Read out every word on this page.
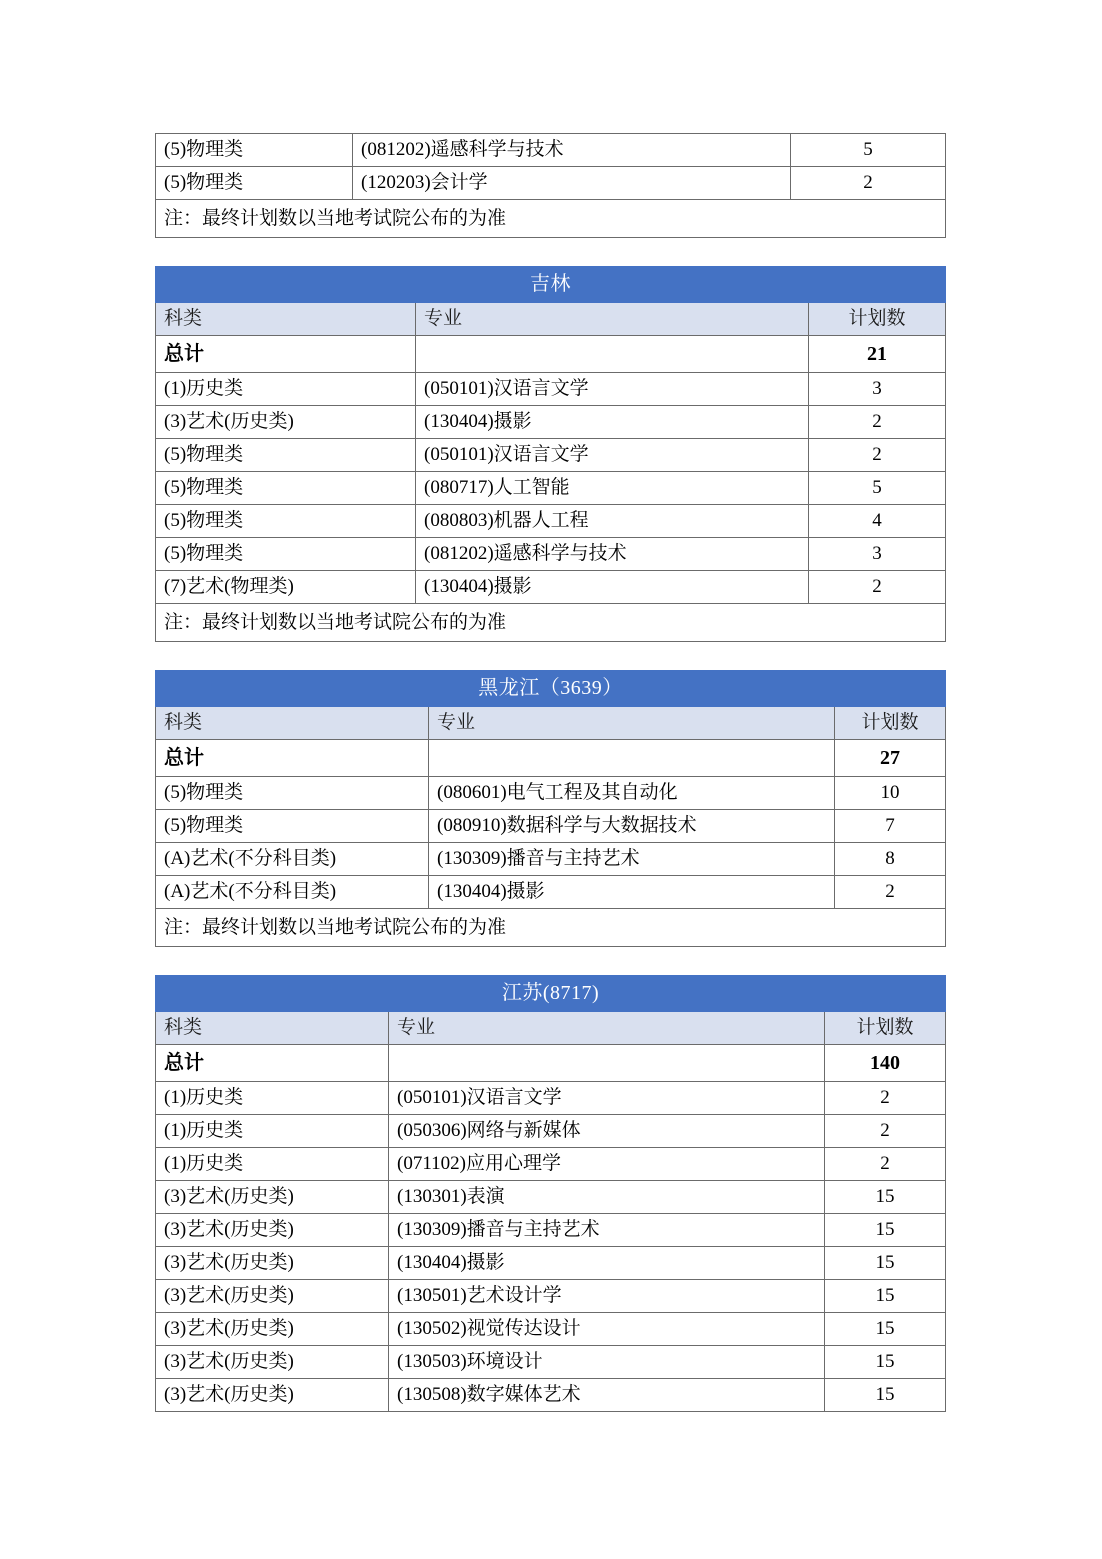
(5)物理类	(081202)遥感科学与技术	5
(5)物理类	(120203)会计学	2
注：最终计划数以当地考试院公布的为准		
吉林		
科类	专业	计划数
总计		21
(1)历史类	(050101)汉语言文学	3
(3)艺术(历史类)	(130404)摄影	2
(5)物理类	(050101)汉语言文学	2
(5)物理类	(080717)人工智能	5
(5)物理类	(080803)机器人工程	4
(5)物理类	(081202)遥感科学与技术	3
(7)艺术(物理类)	(130404)摄影	2
注：最终计划数以当地考试院公布的为准		
黑龙江（3639）		
科类	专业	计划数
总计		27
(5)物理类	(080601)电气工程及其自动化	10
(5)物理类	(080910)数据科学与大数据技术	7
(A)艺术(不分科目类)	(130309)播音与主持艺术	8
(A)艺术(不分科目类)	(130404)摄影	2
注：最终计划数以当地考试院公布的为准		
江苏(8717)		
科类	专业	计划数
总计		140
(1)历史类	(050101)汉语言文学	2
(1)历史类	(050306)网络与新媒体	2
(1)历史类	(071102)应用心理学	2
(3)艺术(历史类)	(130301)表演	15
(3)艺术(历史类)	(130309)播音与主持艺术	15
(3)艺术(历史类)	(130404)摄影	15
(3)艺术(历史类)	(130501)艺术设计学	15
(3)艺术(历史类)	(130502)视觉传达设计	15
(3)艺术(历史类)	(130503)环境设计	15
(3)艺术(历史类)	(130508)数字媒体艺术	15
